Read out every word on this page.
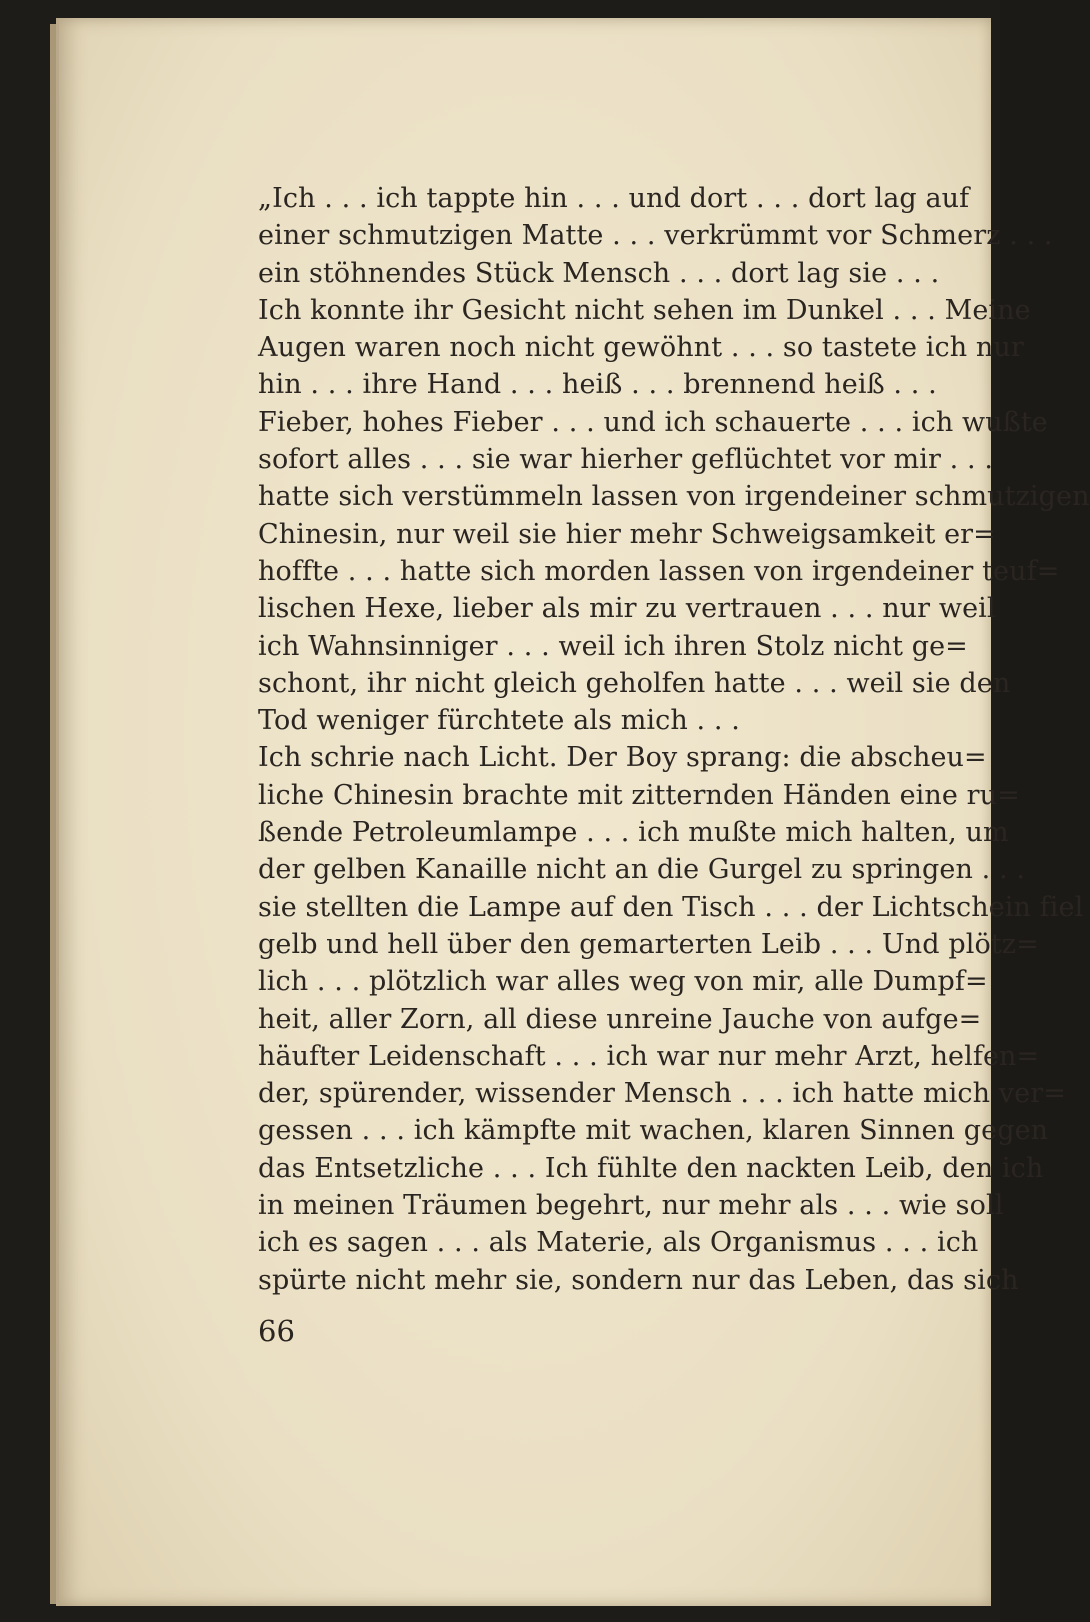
„Ich . . . ich tappte hin . . . und dort . . . dort lag auf
einer schmutzigen Matte . . . verkrümmt vor Schmerz . . .
ein stöhnendes Stück Mensch . . . dort lag sie . . .
Ich konnte ihr Gesicht nicht sehen im Dunkel . . . Meine
Augen waren noch nicht gewöhnt . . . so tastete ich nur
hin . . . ihre Hand . . . heiß . . . brennend heiß . . .
Fieber, hohes Fieber . . . und ich schauerte . . . ich wußte
sofort alles . . . sie war hierher geflüchtet vor mir . . .
hatte sich verstümmeln lassen von irgendeiner schmutzigen
Chinesin, nur weil sie hier mehr Schweigsamkeit er=
hoffte . . . hatte sich morden lassen von irgendeiner teuf=
lischen Hexe, lieber als mir zu vertrauen . . . nur weil
ich Wahnsinniger . . . weil ich ihren Stolz nicht ge=
schont, ihr nicht gleich geholfen hatte . . . weil sie den
Tod weniger fürchtete als mich . . .
Ich schrie nach Licht. Der Boy sprang: die abscheu=
liche Chinesin brachte mit zitternden Händen eine ru=
ßende Petroleumlampe . . . ich mußte mich halten, um
der gelben Kanaille nicht an die Gurgel zu springen . . .
sie stellten die Lampe auf den Tisch . . . der Lichtschein fiel
gelb und hell über den gemarterten Leib . . . Und plötz=
lich . . . plötzlich war alles weg von mir, alle Dumpf=
heit, aller Zorn, all diese unreine Jauche von aufge=
häufter Leidenschaft . . . ich war nur mehr Arzt, helfen=
der, spürender, wissender Mensch . . . ich hatte mich ver=
gessen . . . ich kämpfte mit wachen, klaren Sinnen gegen
das Entsetzliche . . . Ich fühlte den nackten Leib, den ich
in meinen Träumen begehrt, nur mehr als . . . wie soll
ich es sagen . . . als Materie, als Organismus . . . ich
spürte nicht mehr sie, sondern nur das Leben, das sich
66
